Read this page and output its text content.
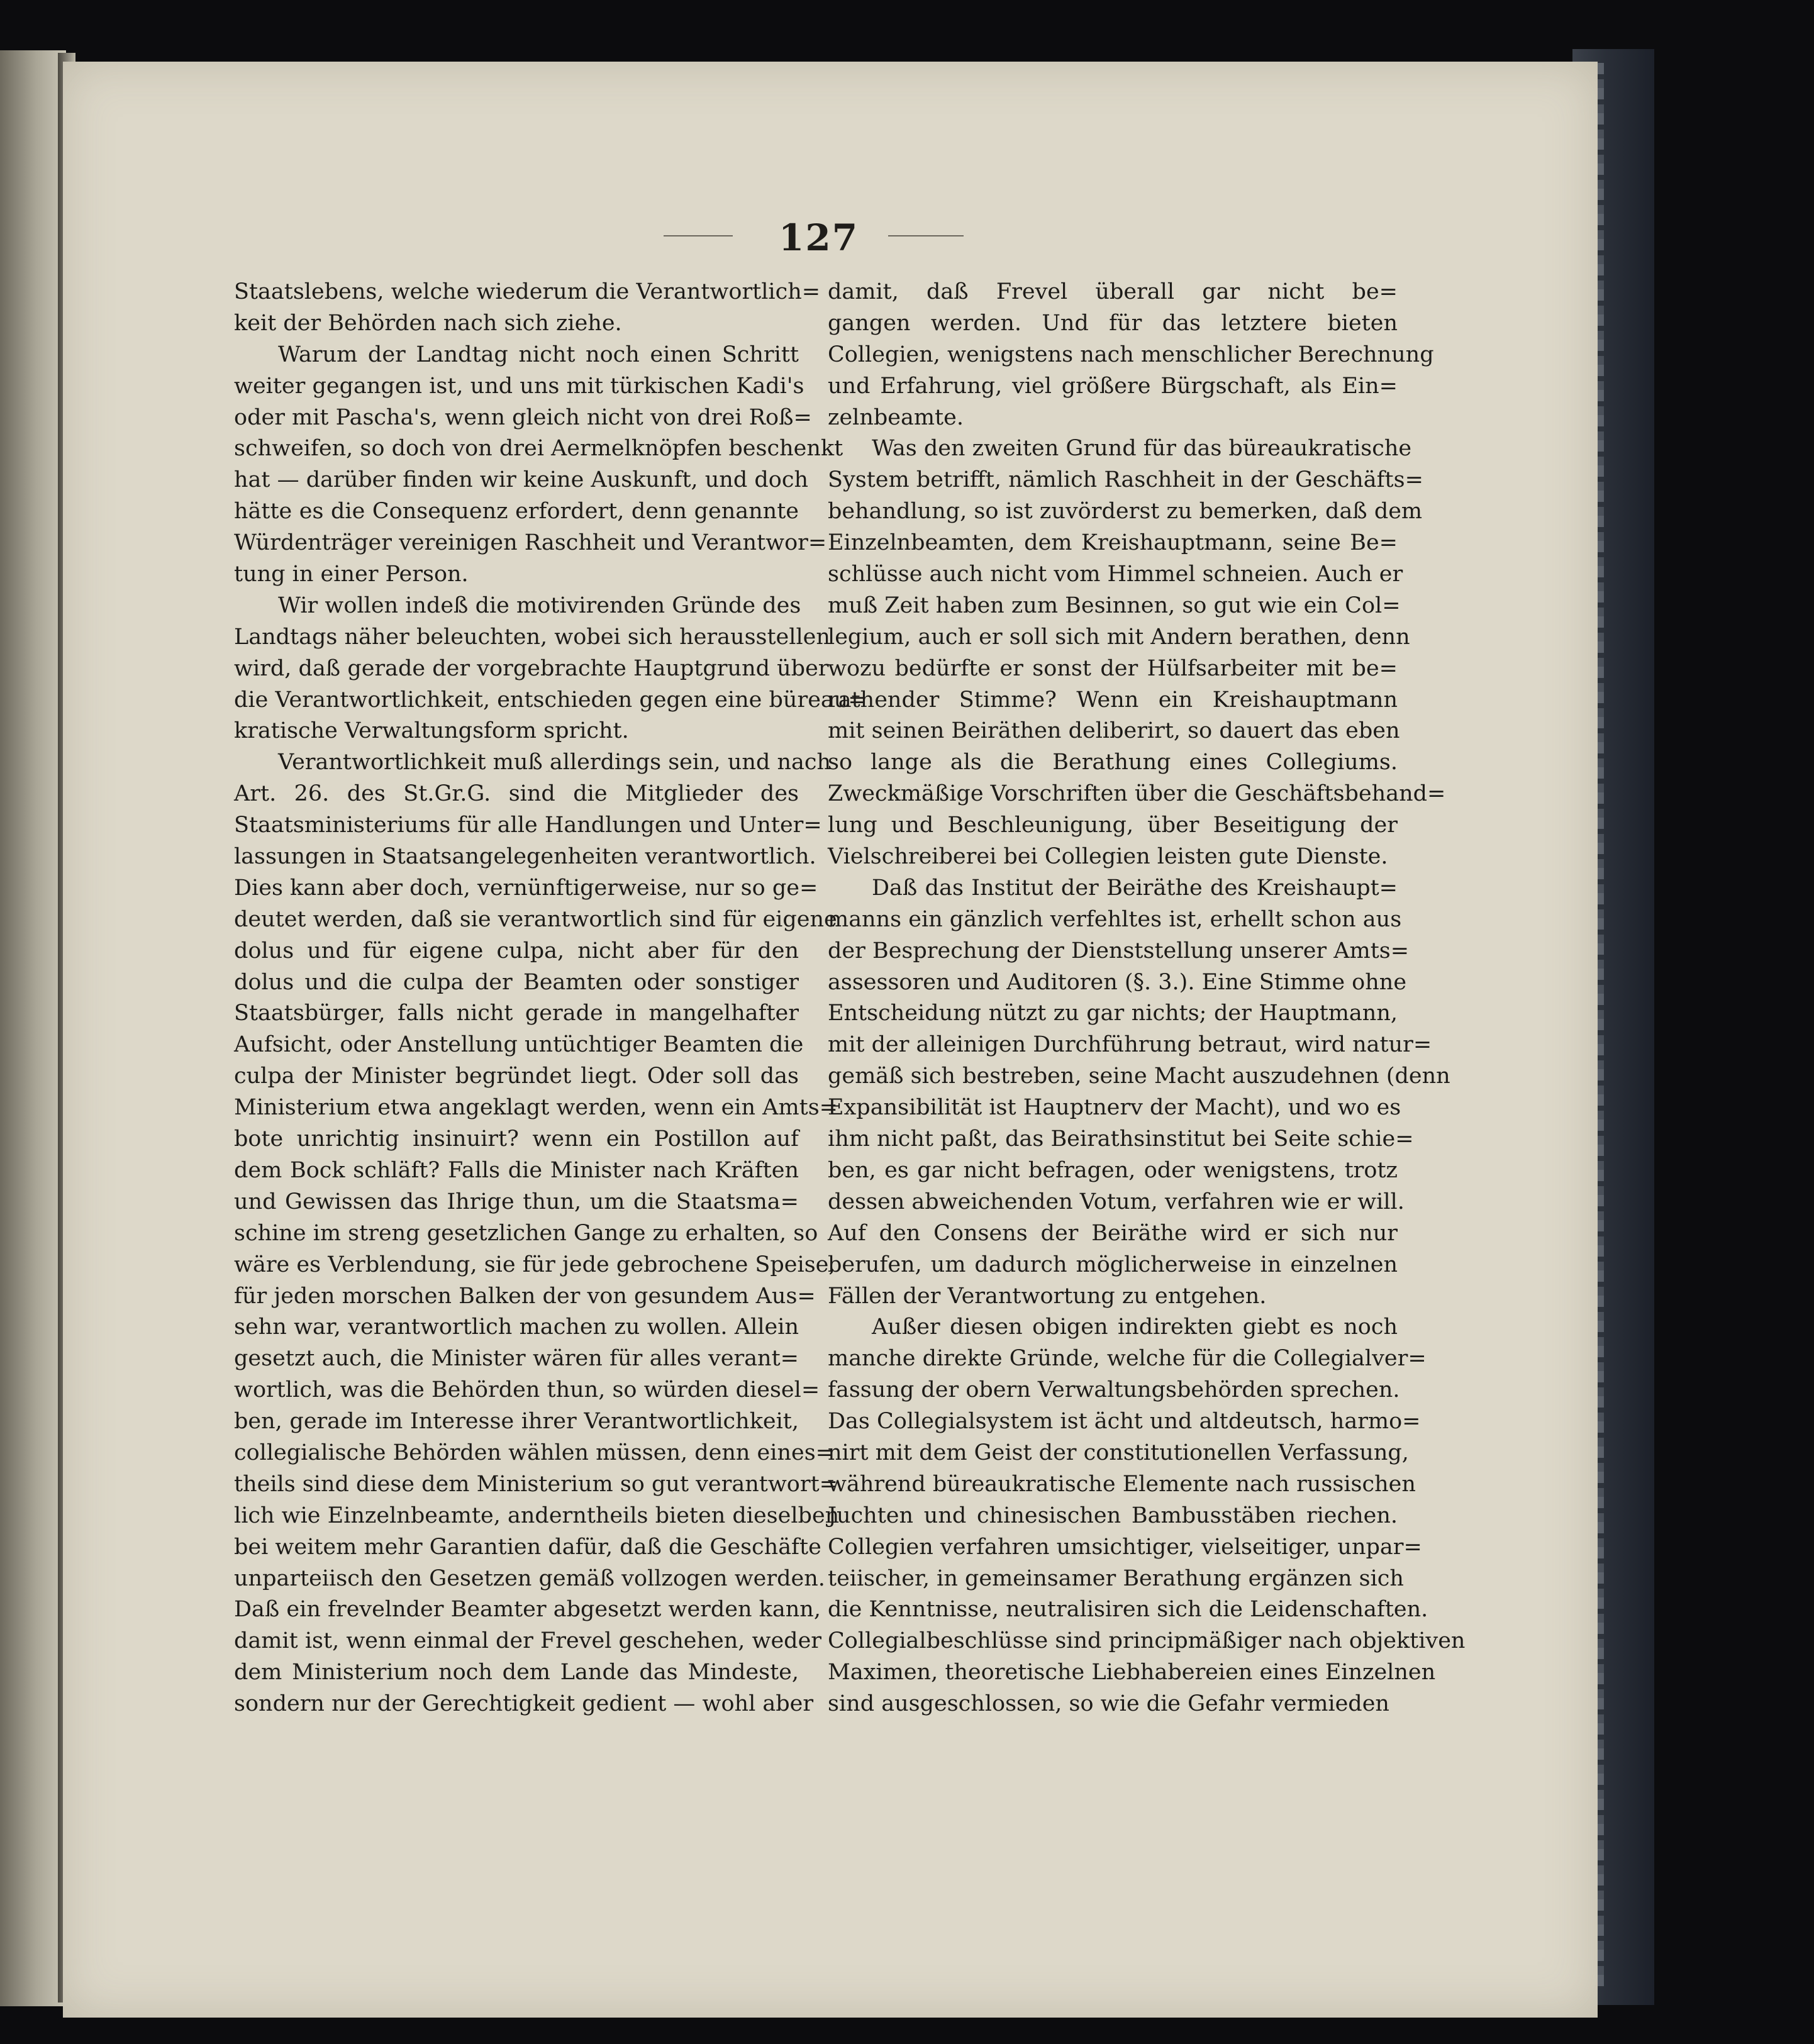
127
Staatslebens, welche wiederum die Verantwortlich=
keit der Behörden nach sich ziehe.
Warum der Landtag nicht noch einen Schritt
weiter gegangen ist, und uns mit türkischen Kadi's
oder mit Pascha's, wenn gleich nicht von drei Roß=
schweifen, so doch von drei Aermelknöpfen beschenkt
hat — darüber finden wir keine Auskunft, und doch
hätte es die Consequenz erfordert, denn genannte
Würdenträger vereinigen Raschheit und Verantwor=
tung in einer Person.
Wir wollen indeß die motivirenden Gründe des
Landtags näher beleuchten, wobei sich herausstellen
wird, daß gerade der vorgebrachte Hauptgrund über
die Verantwortlichkeit, entschieden gegen eine büreau=
kratische Verwaltungsform spricht.
Verantwortlichkeit muß allerdings sein, und nach
Art. 26. des St.Gr.G. sind die Mitglieder des
Staatsministeriums für alle Handlungen und Unter=
lassungen in Staatsangelegenheiten verantwortlich.
Dies kann aber doch, vernünftigerweise, nur so ge=
deutet werden, daß sie verantwortlich sind für eigene
dolus und für eigene culpa, nicht aber für den
dolus und die culpa der Beamten oder sonstiger
Staatsbürger, falls nicht gerade in mangelhafter
Aufsicht, oder Anstellung untüchtiger Beamten die
culpa der Minister begründet liegt. Oder soll das
Ministerium etwa angeklagt werden, wenn ein Amts=
bote unrichtig insinuirt? wenn ein Postillon auf
dem Bock schläft? Falls die Minister nach Kräften
und Gewissen das Ihrige thun, um die Staatsma=
schine im streng gesetzlichen Gange zu erhalten, so
wäre es Verblendung, sie für jede gebrochene Speise,
für jeden morschen Balken der von gesundem Aus=
sehn war, verantwortlich machen zu wollen. Allein
gesetzt auch, die Minister wären für alles verant=
wortlich, was die Behörden thun, so würden diesel=
ben, gerade im Interesse ihrer Verantwortlichkeit,
collegialische Behörden wählen müssen, denn eines=
theils sind diese dem Ministerium so gut verantwort=
lich wie Einzelnbeamte, anderntheils bieten dieselben
bei weitem mehr Garantien dafür, daß die Geschäfte
unparteiisch den Gesetzen gemäß vollzogen werden.
Daß ein frevelnder Beamter abgesetzt werden kann,
damit ist, wenn einmal der Frevel geschehen, weder
dem Ministerium noch dem Lande das Mindeste,
sondern nur der Gerechtigkeit gedient — wohl aber
damit, daß Frevel überall gar nicht be=
gangen werden. Und für das letztere bieten
Collegien, wenigstens nach menschlicher Berechnung
und Erfahrung, viel größere Bürgschaft, als Ein=
zelnbeamte.
Was den zweiten Grund für das büreaukratische
System betrifft, nämlich Raschheit in der Geschäfts=
behandlung, so ist zuvörderst zu bemerken, daß dem
Einzelnbeamten, dem Kreishauptmann, seine Be=
schlüsse auch nicht vom Himmel schneien. Auch er
muß Zeit haben zum Besinnen, so gut wie ein Col=
legium, auch er soll sich mit Andern berathen, denn
wozu bedürfte er sonst der Hülfsarbeiter mit be=
rathender Stimme? Wenn ein Kreishauptmann
mit seinen Beiräthen deliberirt, so dauert das eben
so lange als die Berathung eines Collegiums.
Zweckmäßige Vorschriften über die Geschäftsbehand=
lung und Beschleunigung, über Beseitigung der
Vielschreiberei bei Collegien leisten gute Dienste.
Daß das Institut der Beiräthe des Kreishaupt=
manns ein gänzlich verfehltes ist, erhellt schon aus
der Besprechung der Dienststellung unserer Amts=
assessoren und Auditoren (§. 3.). Eine Stimme ohne
Entscheidung nützt zu gar nichts; der Hauptmann,
mit der alleinigen Durchführung betraut, wird natur=
gemäß sich bestreben, seine Macht auszudehnen (denn
Expansibilität ist Hauptnerv der Macht), und wo es
ihm nicht paßt, das Beirathsinstitut bei Seite schie=
ben, es gar nicht befragen, oder wenigstens, trotz
dessen abweichenden Votum, verfahren wie er will.
Auf den Consens der Beiräthe wird er sich nur
berufen, um dadurch möglicherweise in einzelnen
Fällen der Verantwortung zu entgehen.
Außer diesen obigen indirekten giebt es noch
manche direkte Gründe, welche für die Collegialver=
fassung der obern Verwaltungsbehörden sprechen.
Das Collegialsystem ist ächt und altdeutsch, harmo=
nirt mit dem Geist der constitutionellen Verfassung,
während büreaukratische Elemente nach russischen
Juchten und chinesischen Bambusstäben riechen.
Collegien verfahren umsichtiger, vielseitiger, unpar=
teiischer, in gemeinsamer Berathung ergänzen sich
die Kenntnisse, neutralisiren sich die Leidenschaften.
Collegialbeschlüsse sind principmäßiger nach objektiven
Maximen, theoretische Liebhabereien eines Einzelnen
sind ausgeschlossen, so wie die Gefahr vermieden
